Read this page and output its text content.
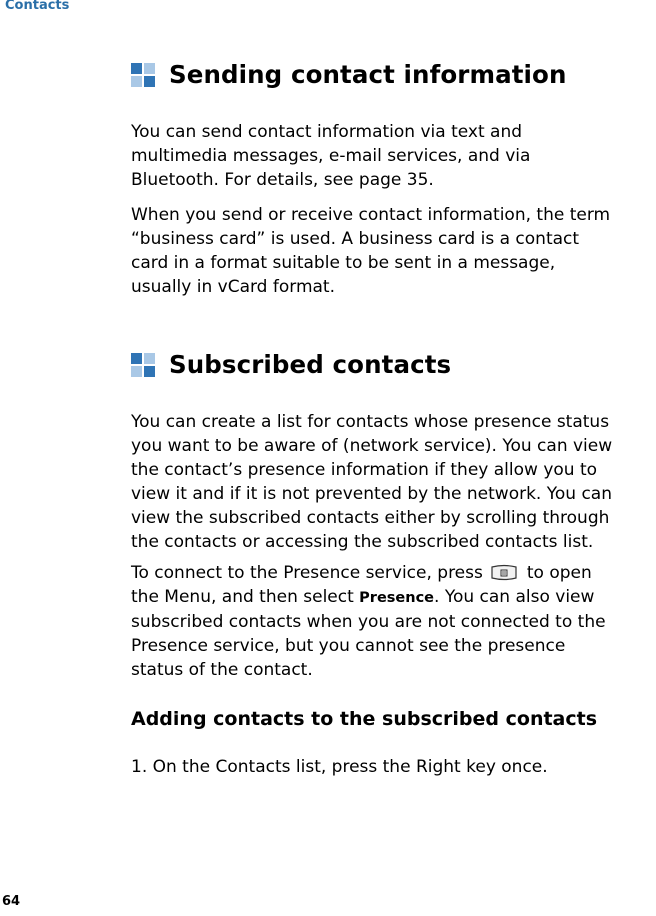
Contacts
Sending contact information
You can send contact information via text and
multimedia messages, e-mail services, and via
Bluetooth. For details, see page 35.
When you send or receive contact information, the term
“business card” is used. A business card is a contact
card in a format suitable to be sent in a message,
usually in vCard format.
Subscribed contacts
You can create a list for contacts whose presence status
you want to be aware of (network service). You can view
the contact’s presence information if they allow you to
view it and if it is not prevented by the network. You can
view the subscribed contacts either by scrolling through
the contacts or accessing the subscribed contacts list.
To connect to the Presence service, press	to open
the Menu, and then select Presence. You can also view
subscribed contacts when you are not connected to the
Presence service, but you cannot see the presence
status of the contact.
Adding contacts to the subscribed contacts
1. On the Contacts list, press the Right key once.
64
